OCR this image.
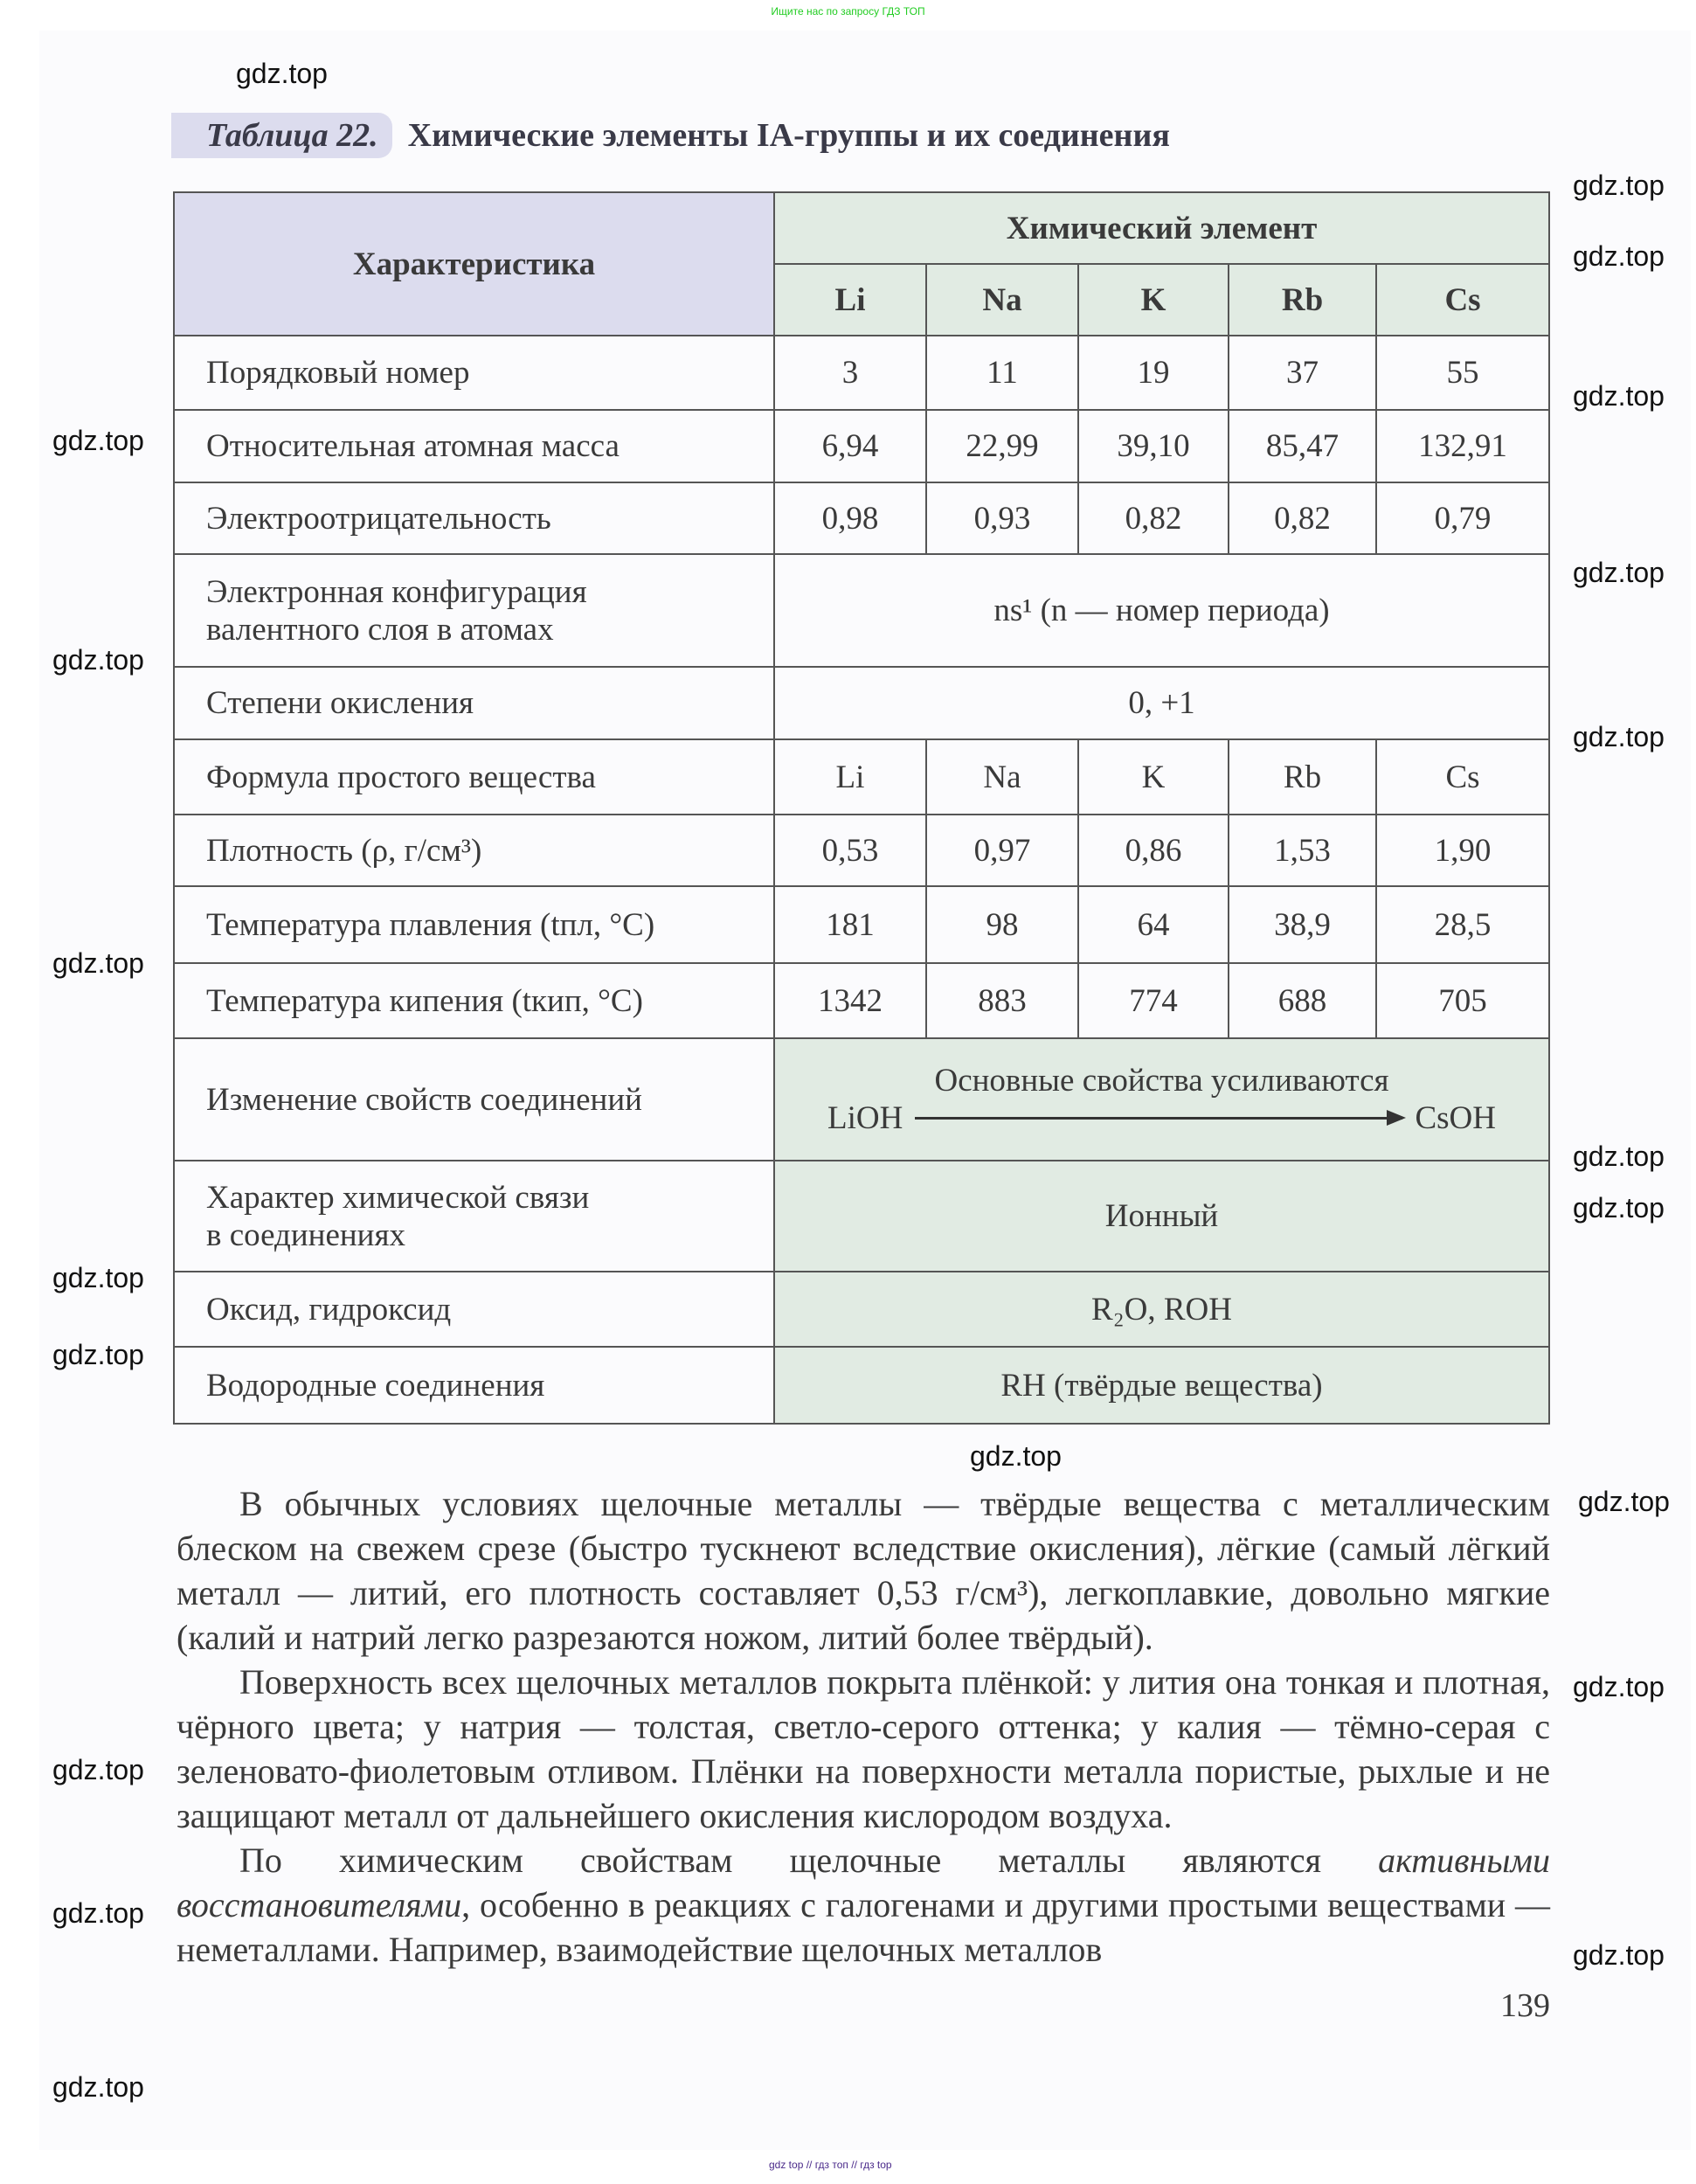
Ищите нас по запросу ГДЗ ТОП
Таблица 22. Химические элементы IA-группы и их соединения
Характеристика	Химический элемент				
	Li	Na	K	Rb	Cs
Порядковый номер	3	11	19	37	55
Относительная атомная масса	6,94	22,99	39,10	85,47	132,91
Электроотрицательность	0,98	0,93	0,82	0,82	0,79
Электронная конфигурация
валентного слоя в атомах	ns¹ (n — номер периода)				
Степени окисления	0, +1				
Формула простого вещества	Li	Na	K	Rb	Cs
Плотность (ρ, г/см³)	0,53	0,97	0,86	1,53	1,90
Температура плавления (tпл, °C)	181	98	64	38,9	28,5
Температура кипения (tкип, °C)	1342	883	774	688	705
Изменение свойств соединений	Основные свойства усиливаются
LiOH CsOH				

Характер химической связи
в соединениях	Ионный				
Оксид, гидроксид	R₂O, ROH				
Водородные соединения	RH (твёрдые вещества)				

В обычных условиях щелочные металлы — твёрдые вещества с металлическим блеском на свежем срезе (быстро тускнеют вследствие окисления), лёгкие (самый лёгкий металл — литий, его плотность составляет 0,53 г/см³), легкоплавкие, довольно мягкие (калий и натрий легко разрезаются ножом, литий более твёрдый).

Поверхность всех щелочных металлов покрыта плёнкой: у лития она тонкая и плотная, чёрного цвета; у натрия — толстая, светло-серого оттенка; у калия — тёмно-серая с зеленовато-фиолетовым отливом. Плёнки на поверхности металла пористые, рыхлые и не защищают металл от дальнейшего окисления кислородом воздуха.

По химическим свойствам щелочные металлы являются активными восстановителями, особенно в реакциях с галогенами и другими простыми веществами — неметаллами. Например, взаимодействие щелочных металлов

139
gdz top // гдз топ // гдз top
gdz.top
gdz.top
gdz.top
gdz.top
gdz.top
gdz.top
gdz.top
gdz.top
gdz.top
gdz.top
gdz.top
gdz.top
gdz.top
gdz.top
gdz.top
gdz.top
gdz.top
gdz.top
gdz.top
gdz.top
